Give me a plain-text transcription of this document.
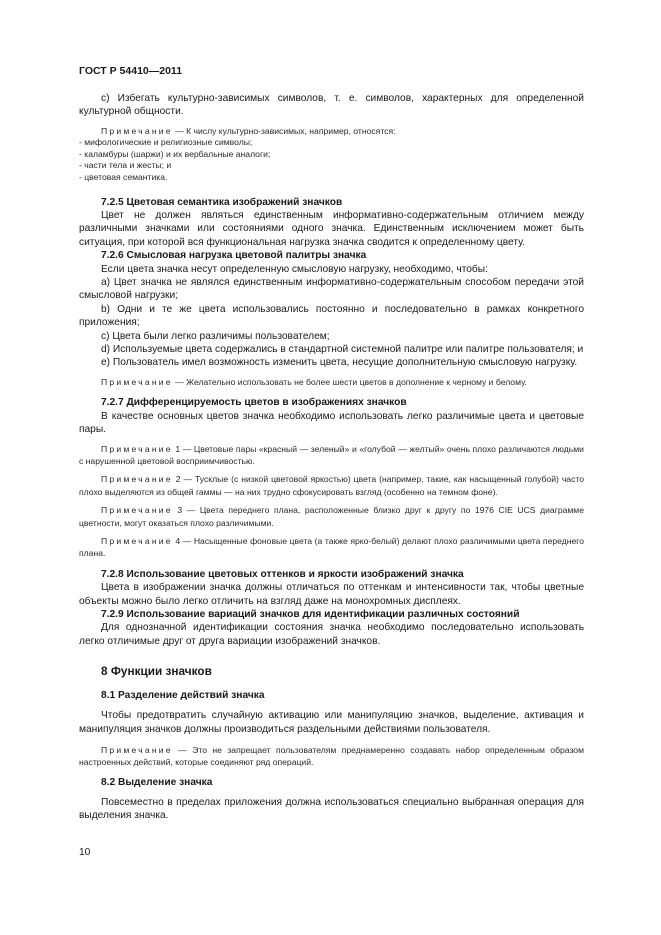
ГОСТ Р 54410—2011

с) Избегать культурно-зависимых символов, т. е. символов, характерных для определенной культурной общности.

Примечание — К числу культурно-зависимых, например, относятся:

- мифологические и религиозные символы;
- каламбуры (шаржи) и их вербальные аналоги;
- части тела и жесты; и
- цветовая семантика.

7.2.5 Цветовая семантика изображений значков

Цвет не должен являться единственным информативно-содержательным отличием между различными значками или состояниями одного значка. Единственным исключением может быть ситуация, при которой вся функциональная нагрузка значка сводится к определенному цвету.

7.2.6 Смысловая нагрузка цветовой палитры значка

Если цвета значка несут определенную смысловую нагрузку, необходимо, чтобы:

а) Цвет значка не являлся единственным информативно-содержательным способом передачи этой смысловой нагрузки;

b) Одни и те же цвета использовались постоянно и последовательно в рамках конкретного приложения;

c) Цвета были легко различимы пользователем;

d) Используемые цвета содержались в стандартной системной палитре или палитре пользователя; и

е) Пользователь имел возможность изменить цвета, несущие дополнительную смысловую нагрузку.

Примечание — Желательно использовать не более шести цветов в дополнение к черному и белому.

7.2.7 Дифференцируемость цветов в изображениях значков

В качестве основных цветов значка необходимо использовать легко различимые цвета и цветовые пары.

Примечание 1 — Цветовые пары «красный — зеленый» и «голубой — желтый» очень плохо различаются людьми с нарушенной цветовой восприимчивостью.

Примечание 2 — Тусклые (с низкой цветовой яркостью) цвета (например, такие, как насыщенный голубой) часто плохо выделяются из общей гаммы — на них трудно сфокусировать взгляд (особенно на темном фоне).

Примечание 3 — Цвета переднего плана, расположенные близко друг к другу по 1976 CIE UCS диаграмме цветности, могут оказаться плохо различимыми.

Примечание 4 — Насыщенные фоновые цвета (а также ярко-белый) делают плохо различимыми цвета переднего плана.

7.2.8 Использование цветовых оттенков и яркости изображений значка

Цвета в изображении значка должны отличаться по оттенкам и интенсивности так, чтобы цветные объекты можно было легко отличить на взгляд даже на монохромных дисплеях.

7.2.9 Использование вариаций значков для идентификации различных состояний

Для однозначной идентификации состояния значка необходимо последовательно использовать легко отличимые друг от друга вариации изображений значков.

8 Функции значков

8.1 Разделение действий значка

Чтобы предотвратить случайную активацию или манипуляцию значков, выделение, активация и манипуляция значков должны производиться раздельными действиями пользователя.

Примечание — Это не запрещает пользователям преднамеренно создавать набор определенным образом настроенных действий, которые соединяют ряд операций.

8.2 Выделение значка

Повсеместно в пределах приложения должна использоваться специально выбранная операция для выделения значка.

10
